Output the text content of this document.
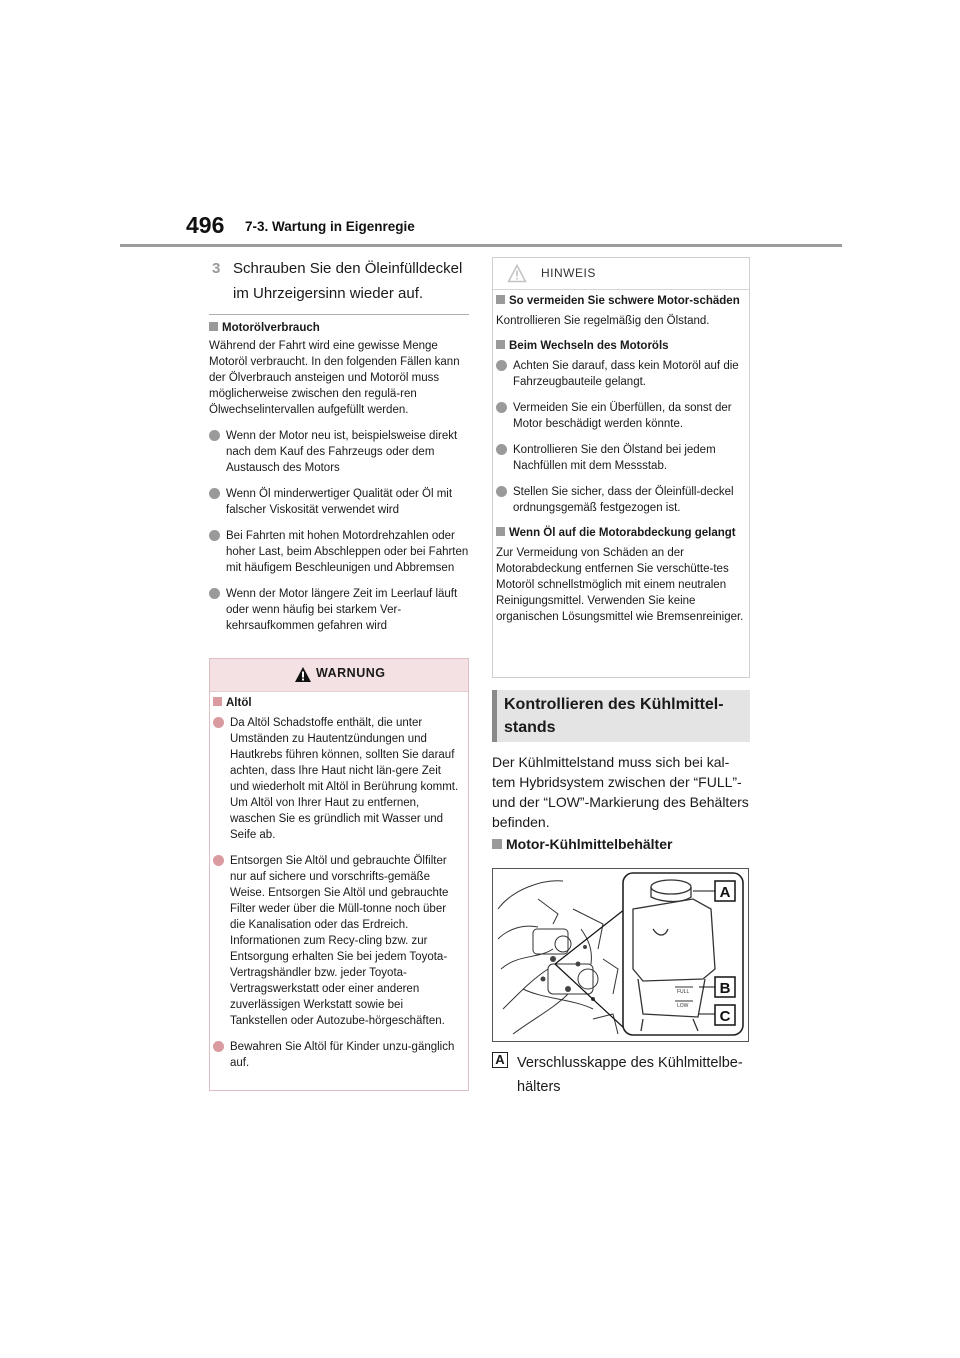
496 7-3. Wartung in Eigenregie
3 Schrauben Sie den Öleinfülldeckel im Uhrzeigersinn wieder auf.
Motorölverbrauch
Während der Fahrt wird eine gewisse Menge Motoröl verbraucht. In den folgenden Fällen kann der Ölverbrauch ansteigen und Motoröl muss möglicherweise zwischen den regulä-ren Ölwechselintervallen aufgefüllt werden.
Wenn der Motor neu ist, beispielsweise direkt nach dem Kauf des Fahrzeugs oder dem Austausch des Motors
Wenn Öl minderwertiger Qualität oder Öl mit falscher Viskosität verwendet wird
Bei Fahrten mit hohen Motordrehzahlen oder hoher Last, beim Abschleppen oder bei Fahrten mit häufigem Beschleunigen und Abbremsen
Wenn der Motor längere Zeit im Leerlauf läuft oder wenn häufig bei starkem Ver-kehrsaufkommen gefahren wird
WARNUNG
Altöl
Da Altöl Schadstoffe enthält, die unter Umständen zu Hautentzündungen und Hautkrebs führen können, sollten Sie darauf achten, dass Ihre Haut nicht län-gere Zeit und wiederholt mit Altöl in Berührung kommt. Um Altöl von Ihrer Haut zu entfernen, waschen Sie es gründlich mit Wasser und Seife ab.
Entsorgen Sie Altöl und gebrauchte Ölfilter nur auf sichere und vorschrifts-gemäße Weise. Entsorgen Sie Altöl und gebrauchte Filter weder über die Müll-tonne noch über die Kanalisation oder das Erdreich. Informationen zum Recy-cling bzw. zur Entsorgung erhalten Sie bei jedem Toyota-Vertragshändler bzw. jeder Toyota-Vertragswerkstatt oder einer anderen zuverlässigen Werkstatt sowie bei Tankstellen oder Autozube-hörgeschäften.
Bewahren Sie Altöl für Kinder unzu-gänglich auf.
HINWEIS
So vermeiden Sie schwere Motor-schäden
Kontrollieren Sie regelmäßig den Ölstand.
Beim Wechseln des Motoröls
Achten Sie darauf, dass kein Motoröl auf die Fahrzeugbauteile gelangt.
Vermeiden Sie ein Überfüllen, da sonst der Motor beschädigt werden könnte.
Kontrollieren Sie den Ölstand bei jedem Nachfüllen mit dem Messstab.
Stellen Sie sicher, dass der Öleinfüll-deckel ordnungsgemäß festgezogen ist.
Wenn Öl auf die Motorabdeckung gelangt
Zur Vermeidung von Schäden an der Motorabdeckung entfernen Sie verschütte-tes Motoröl schnellstmöglich mit einem neutralen Reinigungsmittel. Verwenden Sie keine organischen Lösungsmittel wie Bremsenreiniger.
Kontrollieren des Kühlmittel-stands
Der Kühlmittelstand muss sich bei kal-tem Hybridsystem zwischen der “FULL”- und der “LOW”-Markierung des Behälters befinden.
Motor-Kühlmittelbehälter
FULL
LOW
A
B
C
A Verschlusskappe des Kühlmittelbe-hälters
